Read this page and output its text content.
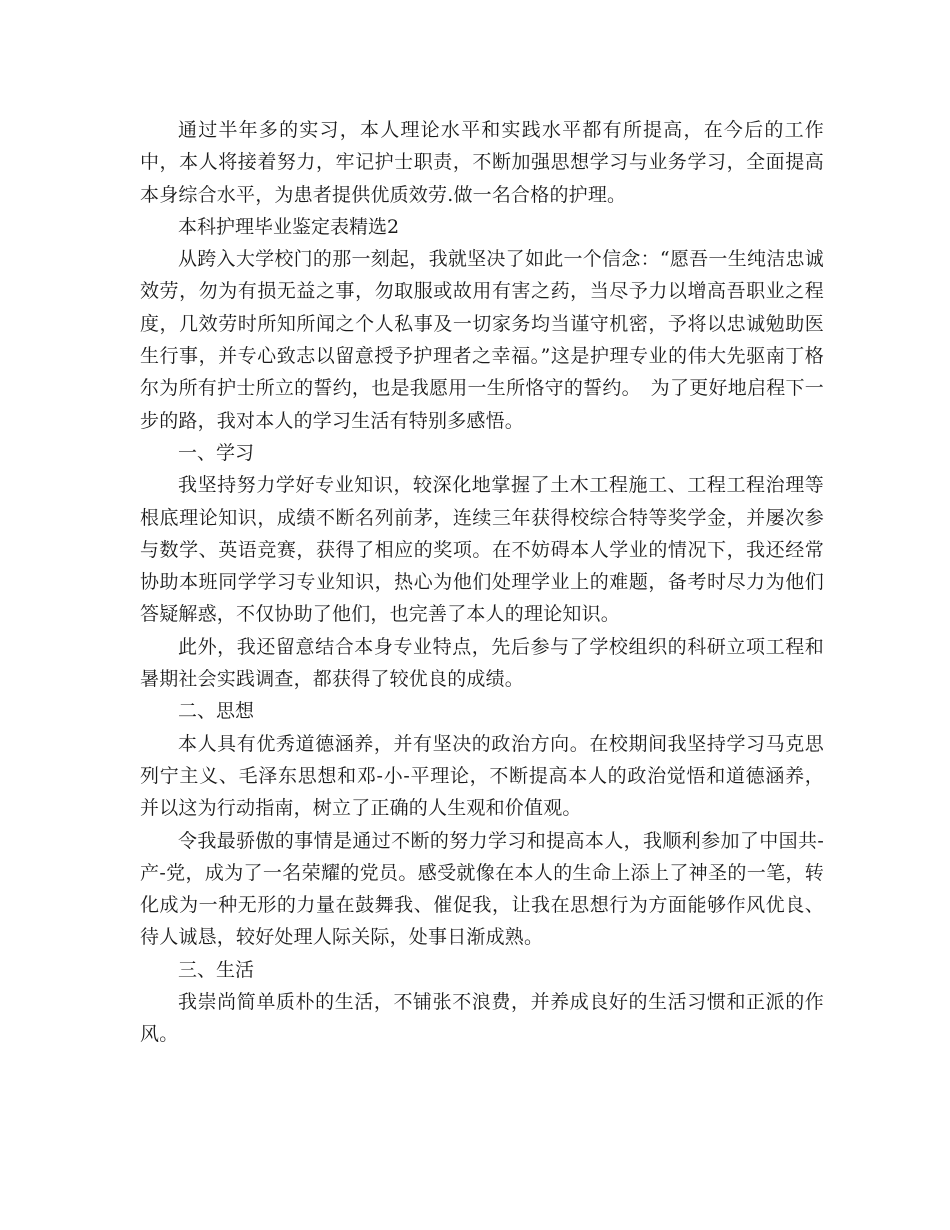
通过半年多的实习，本人理论水平和实践水平都有所提高，在今后的工作中，本人将接着努力，牢记护士职责，不断加强思想学习与业务学习，全面提高本身综合水平，为患者提供优质效劳.做一名合格的护理。

本科护理毕业鉴定表精选2

从跨入大学校门的那一刻起，我就坚决了如此一个信念：“愿吾一生纯洁忠诚效劳，勿为有损无益之事，勿取服或故用有害之药，当尽予力以增高吾职业之程度，几效劳时所知所闻之个人私事及一切家务均当谨守机密，予将以忠诚勉助医生行事，并专心致志以留意授予护理者之幸福。”这是护理专业的伟大先驱南丁格尔为所有护士所立的誓约，也是我愿用一生所恪守的誓约。　为了更好地启程下一步的路，我对本人的学习生活有特别多感悟。

一、学习

我坚持努力学好专业知识，较深化地掌握了土木工程施工、工程工程治理等根底理论知识，成绩不断名列前茅，连续三年获得校综合特等奖学金，并屡次参与数学、英语竞赛，获得了相应的奖项。在不妨碍本人学业的情况下，我还经常协助本班同学学习专业知识，热心为他们处理学业上的难题，备考时尽力为他们答疑解惑，不仅协助了他们，也完善了本人的理论知识。

此外，我还留意结合本身专业特点，先后参与了学校组织的科研立项工程和暑期社会实践调查，都获得了较优良的成绩。

二、思想

本人具有优秀道德涵养，并有坚决的政治方向。在校期间我坚持学习马克思列宁主义、毛泽东思想和邓-小-平理论，不断提高本人的政治觉悟和道德涵养，并以这为行动指南，树立了正确的人生观和价值观。

令我最骄傲的事情是通过不断的努力学习和提高本人，我顺利参加了中国共-产-党，成为了一名荣耀的党员。感受就像在本人的生命上添上了神圣的一笔，转化成为一种无形的力量在鼓舞我、催促我，让我在思想行为方面能够作风优良、待人诚恳，较好处理人际关际，处事日渐成熟。

三、生活

我崇尚简单质朴的生活，不铺张不浪费，并养成良好的生活习惯和正派的作风。
